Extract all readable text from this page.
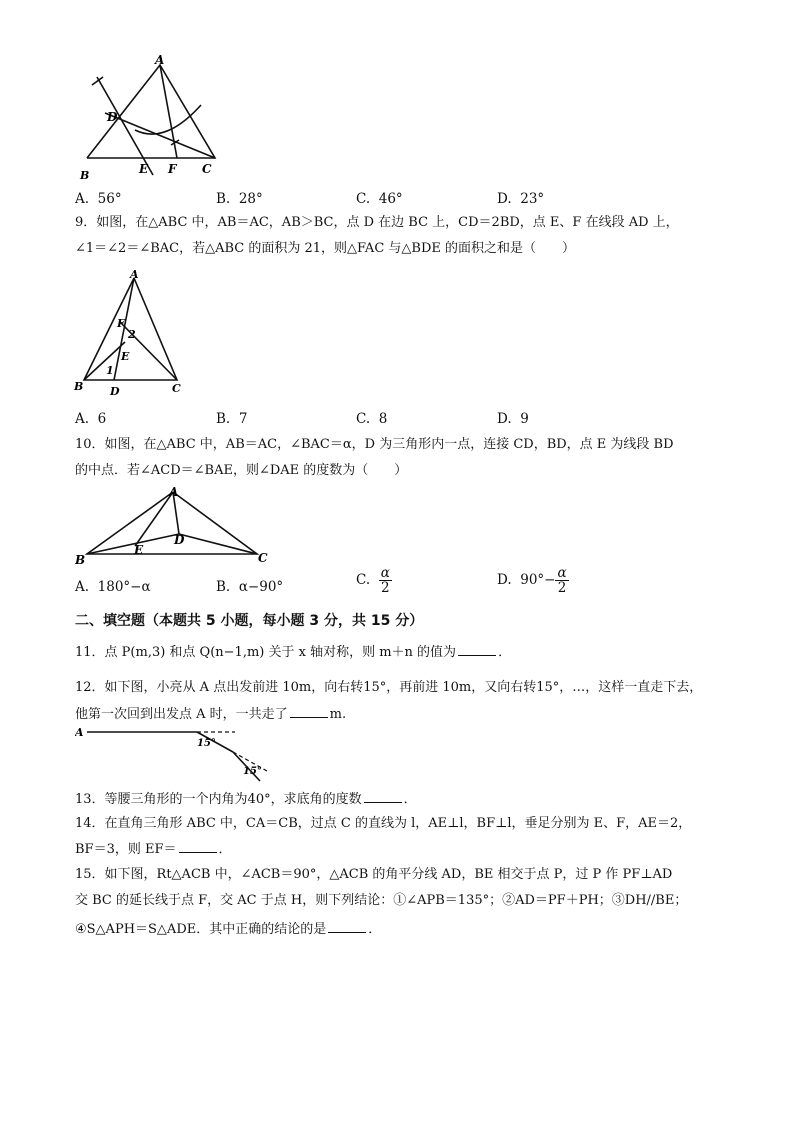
A
D
E F C
B
A. 56°	B. 28°	C. 46°	D. 23°
9．如图，在△ABC 中，AB＝AC，AB＞BC，点 D 在边 BC 上，CD＝2BD，点 E、F 在线段 AD 上，
∠1＝∠2＝∠BAC，若△ABC 的面积为 21，则△FAC 与△BDE 的面积之和是（　　）
A
F
2
E
1
B D	C
A. 6	B. 7	C. 8	D. 9
10．如图，在△ABC 中，AB＝AC，∠BAC＝α，D 为三角形内一点，连接 CD，BD，点 E 为线段 BD
的中点．若∠ACD＝∠BAE，则∠DAE 的度数为（　　）
A
D
E
B	C
A. 180°−α	B. α−90°	C. $\frac{\alpha}{2}$	D. $90^\circ- \frac{\alpha}{2}$
二、填空题（本题共 5 小题，每小题 3 分，共 15 分）
11．点 P(m,3) 和点 Q(n−1,m) 关于 x 轴对称，则 m＋n 的值为	．
12．如下图，小亮从 A 点出发前进 10m，向右转15°，再前进 10m，又向右转15°，…，这样一直走下去，
他第一次回到出发点 A 时，一共走了	m.
A
15°
15°
13．等腰三角形的一个内角为40°，求底角的度数	．
14．在直角三角形 ABC 中，CA＝CB，过点 C 的直线为 l，AE⊥l，BF⊥l，垂足分别为 E、F，AE＝2，
BF＝3，则 EF＝	．
15．如下图，Rt△ACB 中，∠ACB＝90°，△ACB 的角平分线 AD，BE 相交于点 P，过 P 作 PF⊥AD
交 BC 的延长线于点 F，交 AC 于点 H，则下列结论：①∠APB＝135°；②AD＝PF＋PH；③DH//BE；
④S△APH＝S△ADE．其中正确的结论的是	．
